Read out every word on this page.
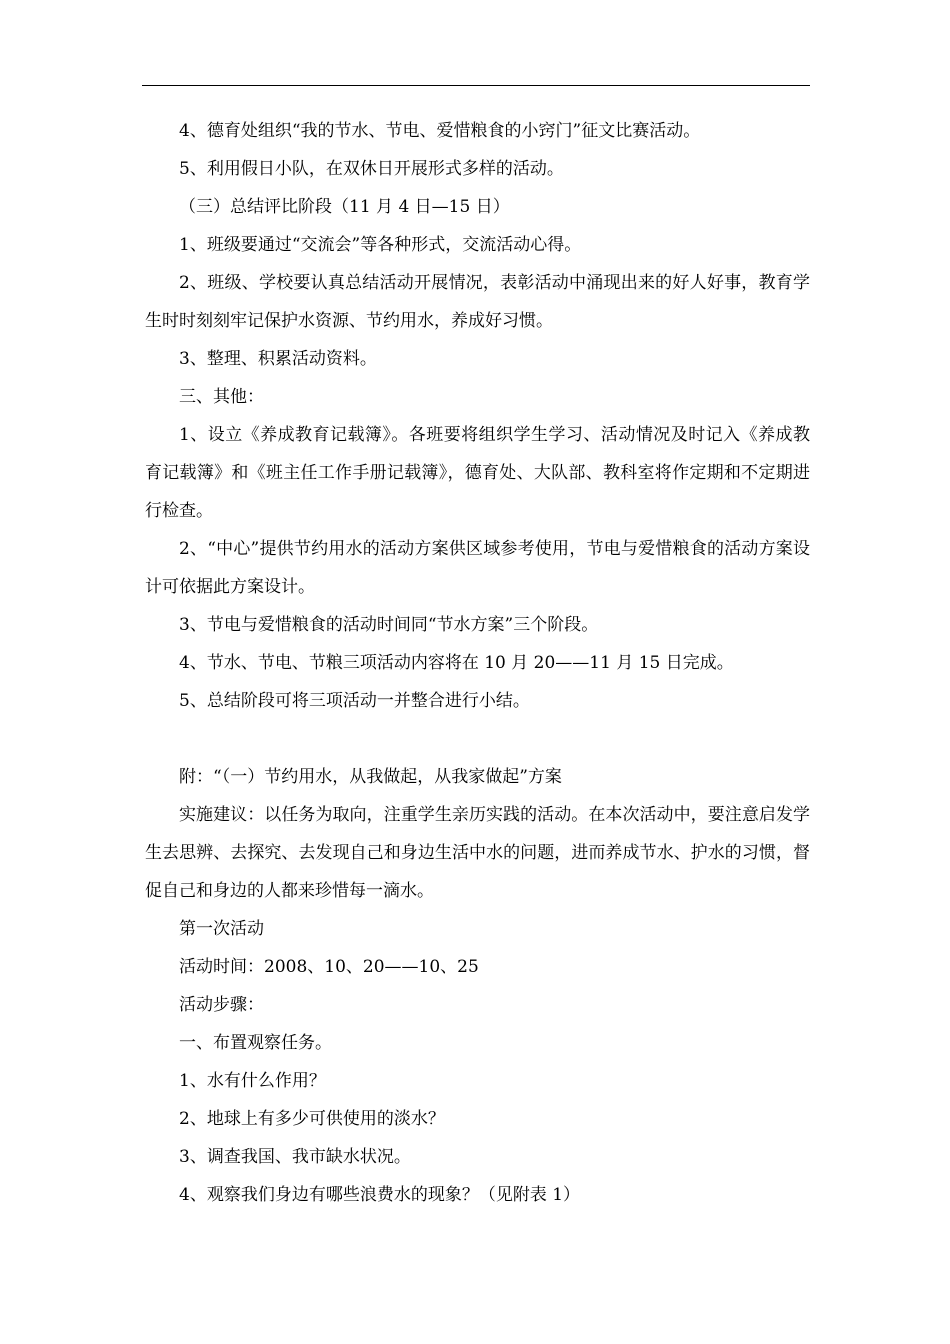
4、德育处组织“我的节水、节电、爱惜粮食的小窍门”征文比赛活动。

5、利用假日小队，在双休日开展形式多样的活动。

（三）总结评比阶段（11 月 4 日—15 日）

1、班级要通过“交流会”等各种形式，交流活动心得。

2、班级、学校要认真总结活动开展情况，表彰活动中涌现出来的好人好事，教育学生时时刻刻牢记保护水资源、节约用水，养成好习惯。

3、整理、积累活动资料。

三、其他：

1、设立《养成教育记载簿》。各班要将组织学生学习、活动情况及时记入《养成教育记载簿》和《班主任工作手册记载簿》，德育处、大队部、教科室将作定期和不定期进行检查。

2、“中心”提供节约用水的活动方案供区域参考使用，节电与爱惜粮食的活动方案设计可依据此方案设计。

3、节电与爱惜粮食的活动时间同“节水方案”三个阶段。

4、节水、节电、节粮三项活动内容将在 10 月 20——11 月 15 日完成。

5、总结阶段可将三项活动一并整合进行小结。

附：“（一）节约用水，从我做起，从我家做起”方案

实施建议：以任务为取向，注重学生亲历实践的活动。在本次活动中，要注意启发学生去思辨、去探究、去发现自己和身边生活中水的问题，进而养成节水、护水的习惯，督促自己和身边的人都来珍惜每一滴水。

第一次活动

活动时间：2008、10、20——10、25

活动步骤：

一、布置观察任务。

1、水有什么作用？

2、地球上有多少可供使用的淡水？

3、调查我国、我市缺水状况。

4、观察我们身边有哪些浪费水的现象？（见附表 1）
